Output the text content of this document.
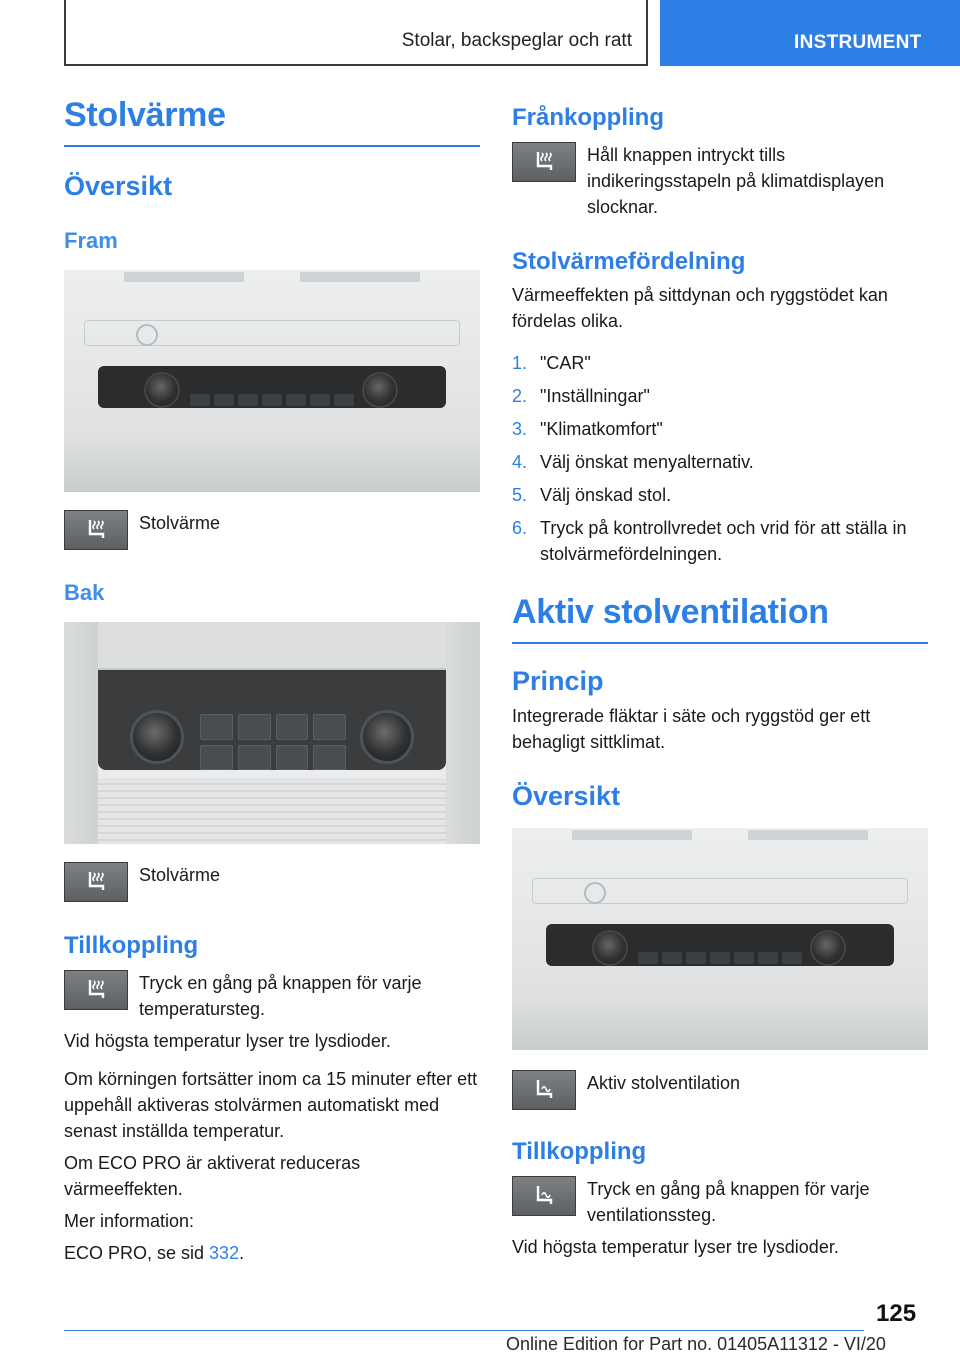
Stolar, backspeglar och ratt	INSTRUMENT
Stolvärme
Översikt
Fram
Stolvärme
Bak
Stolvärme
Tillkoppling
Tryck en gång på knappen för varje temperatursteg.

Vid högsta temperatur lyser tre lysdioder.

Om körningen fortsätter inom ca 15 minuter efter ett uppehåll aktiveras stolvärmen automatiskt med senast inställda temperatur.

Om ECO PRO är aktiverat reduceras värmeeffekten.

Mer information:

ECO PRO, se sid 332.

Frånkoppling
Håll knappen intryckt tills indikeringsstapeln på klimatdisplayen slocknar.
Stolvärmefördelning

Värmeeffekten på sittdynan och ryggstödet kan fördelas olika.

1. "CAR"
2. "Inställningar"
3. "Klimatkomfort"
4. Välj önskat menyalternativ.
5. Välj önskad stol.
6. Tryck på kontrollvredet och vrid för att ställa in stolvärmefördelningen.
Aktiv stolventilation
Princip

Integrerade fläktar i säte och ryggstöd ger ett behagligt sittklimat.

Översikt
Aktiv stolventilation
Tillkoppling
Tryck en gång på knappen för varje ventilationssteg.

Vid högsta temperatur lyser tre lysdioder.

125
Online Edition for Part no. 01405A11312 - VI/20
